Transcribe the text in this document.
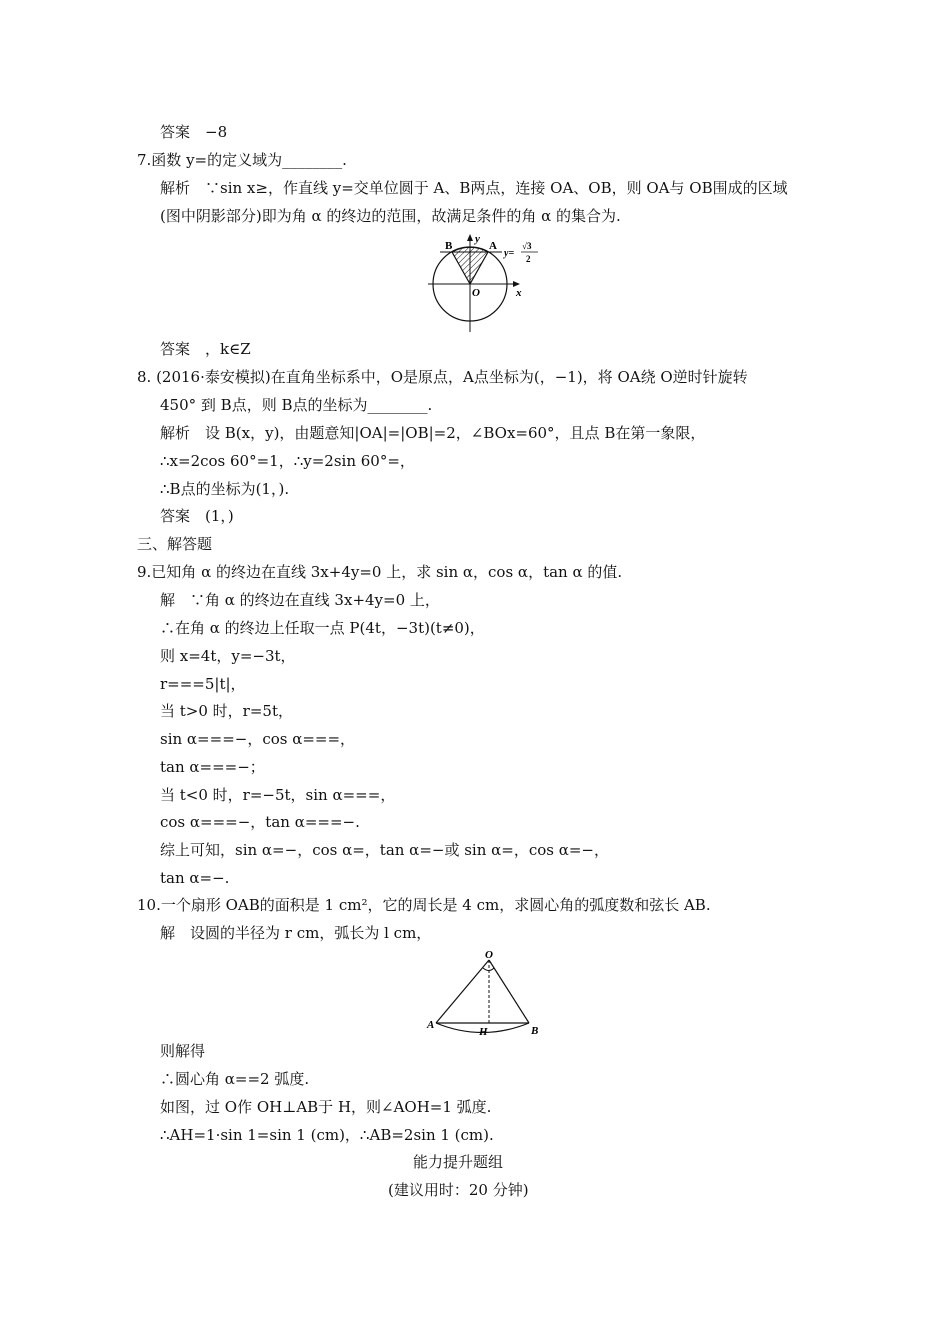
答案　−8
7.函数 y=的定义域为________.
解析　∵sin x≥，作直线 y=交单位圆于 A、B两点，连接 OA、OB，则 OA与 OB围成的区域
(图中阴影部分)即为角 α 的终边的范围，故满足条件的角 α 的集合为.
B	A
y
x
O
y=
√3
2
答案　，k∈Z
8. (2016·泰安模拟)在直角坐标系中，O是原点，A点坐标为(，−1)，将 OA绕 O逆时针旋转
450° 到 B点，则 B点的坐标为________.
解析　设 B(x，y)，由题意知|OA|=|OB|=2，∠BOx=60°，且点 B在第一象限，
∴x=2cos 60°=1，∴y=2sin 60°=，
∴B点的坐标为(1，).
答案　(1，)
三、解答题
9.已知角 α 的终边在直线 3x+4y=0 上，求 sin α，cos α，tan α 的值.
解　∵角 α 的终边在直线 3x+4y=0 上，
∴在角 α 的终边上任取一点 P(4t，−3t)(t≠0)，
则 x=4t，y=−3t，
r===5|t|，
当 t>0 时，r=5t，
sin α===−，cos α===，
tan α===−；
当 t<0 时，r=−5t，sin α===，
cos α===−，tan α===−.
综上可知，sin α=−，cos α=，tan α=−或 sin α=，cos α=−，
tan α=−.
10.一个扇形 OAB的面积是 1 cm²，它的周长是 4 cm，求圆心角的弧度数和弦长 AB.
解　设圆的半径为 r cm，弧长为 l cm，
O
A
H	B
则解得
∴圆心角 α==2 弧度.
如图，过 O作 OH⊥AB于 H，则∠AOH=1 弧度.
∴AH=1·sin 1=sin 1 (cm)，∴AB=2sin 1 (cm).
能力提升题组
(建议用时：20 分钟)
